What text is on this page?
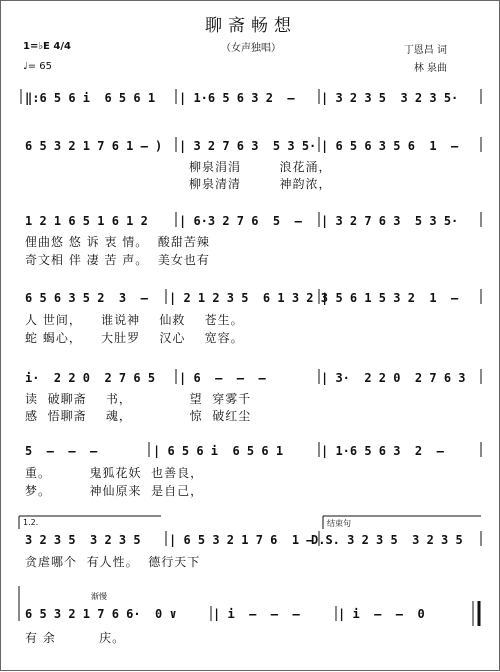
聊斋畅想
（女声独唱）
1=♭E 4/4
♩= 65
丁恩昌 词
林 泉曲
‖:6 5 6 i  6 5 6 1 | 1·6 5 6 3 2  – | 3 2 3 5  3 2 3 5·
6 5 3 2 1 7 6 1 – ) | 3 2 7 6 3  5 3 5· | 6 5 6 3 5 6  1  –
柳泉涓涓        浪花涌，
柳泉清清        神韵浓，
1 2 1 6 5 1 6 1 2	| 6·3 2 7 6  5  – | 3 2 7 6 3  5 3 5·
俚曲悠 悠 诉 衷 情。  酸甜苦辣
奇文相 伴 凄 苦 声。  美女也有
6 5 6 3 5 2  3  – | 2 1 2 3 5  6 1 3 2 3
| 5 6 1 5 3 2  1  –
人 世间，    谁说神    仙救    苍生。
蛇 蝎心，    大肚罗    汉心    宽容。
i·  2 2 0  2 7 6 5 | 6  –  –  –	| 3·  2 2 0  2 7 6 3
读  破聊斋    书，            望  穿雾千
感  悟聊斋    魂，            惊  破红尘
5  –  –  –	| 6 5 6 i  6 5 6 1	| 1·6 5 6 3  2  –
重。        鬼狐花妖  也善良，
梦。        神仙原来  是自己，
1.2.	结束句
3 2 3 5  3 2 3 5 | 6 5 3 2 1 7 6  1 –
D.S. 3 2 3 5  3 2 3 5
贪虐哪个  有人性。  德行天下
渐慢
6 5 3 2 1 7 6 6·  0 ∨	| i  –  –  –	| i  –  –  0
有 余         庆。
